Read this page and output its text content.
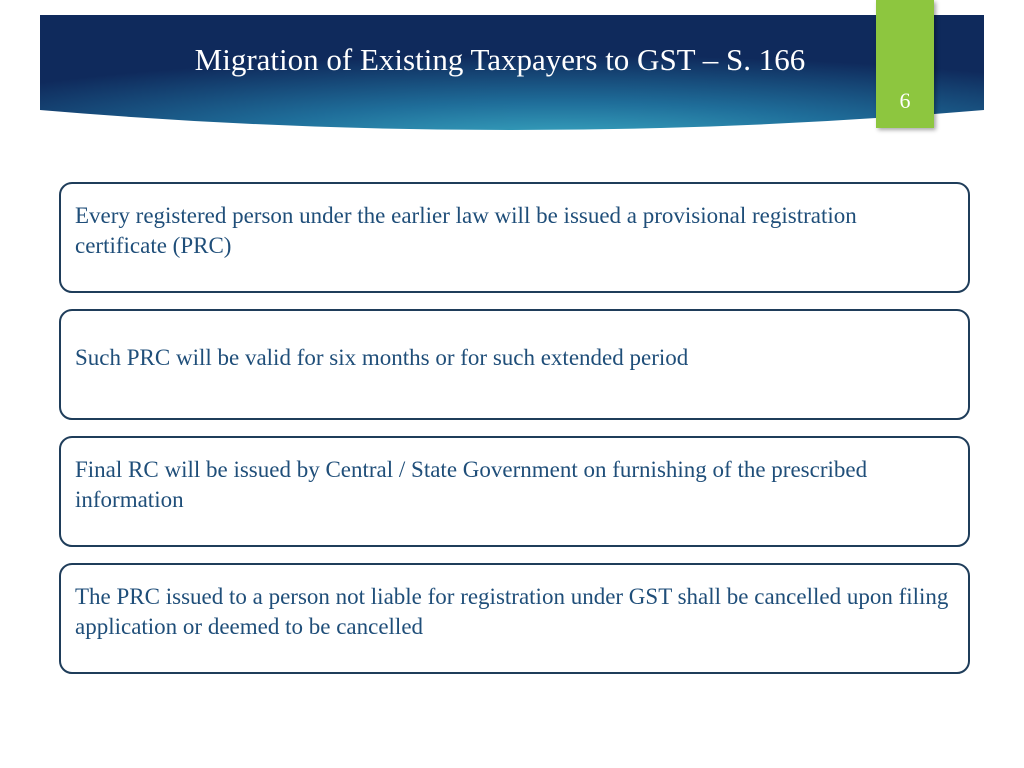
Migration of Existing Taxpayers to GST – S. 166
6
Every registered person under the earlier law will be issued a provisional registration certificate (PRC)
Such PRC will be valid for six months or for such extended period
Final RC will be issued by Central / State Government on furnishing of the prescribed information
The PRC issued to a person not liable for registration under GST shall be cancelled upon filing application or deemed to be cancelled
